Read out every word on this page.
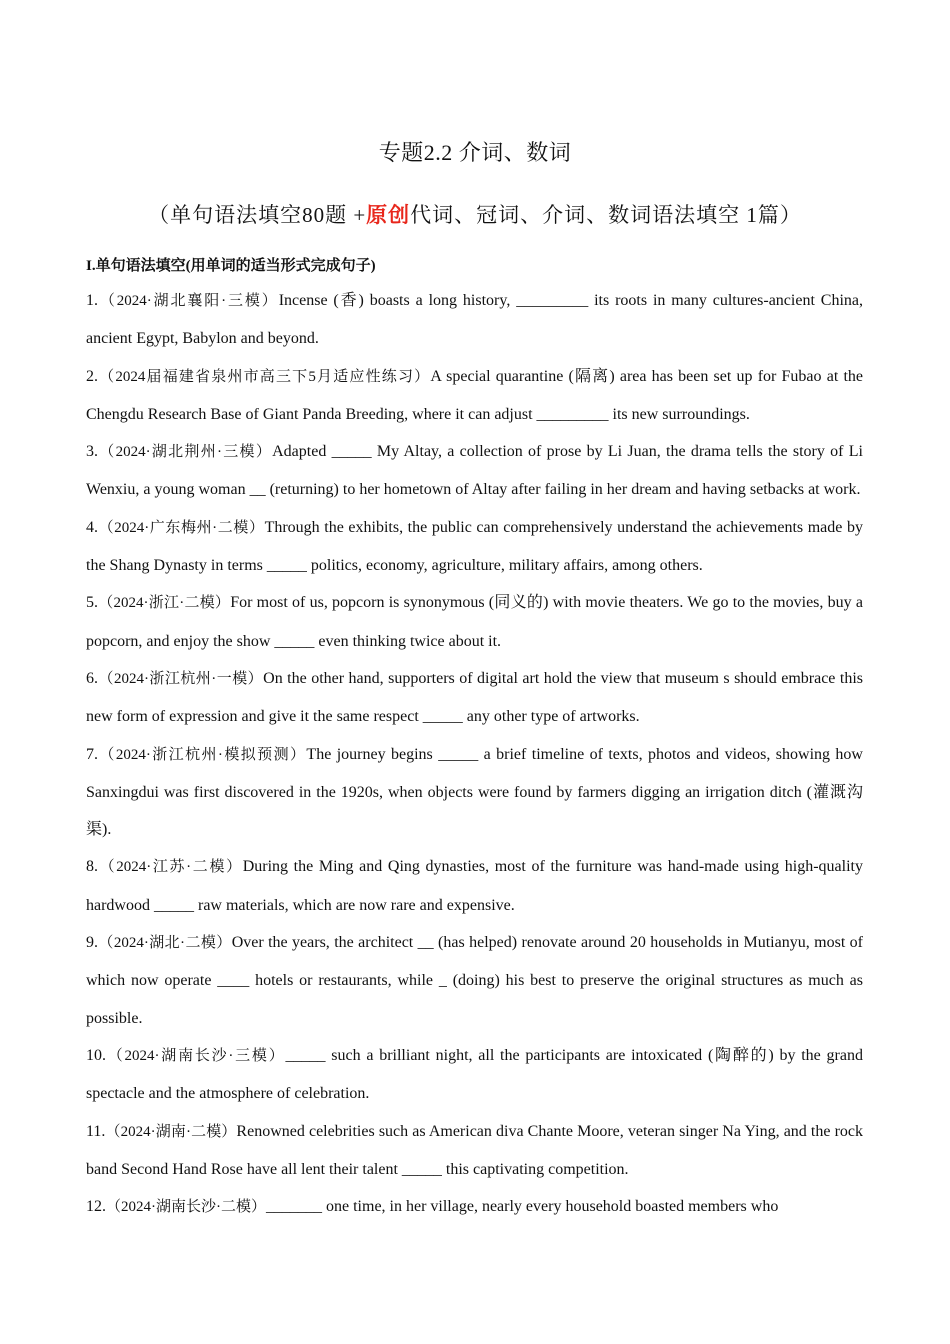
专题2.2 介词、数词
（单句语法填空80题 +原创代词、冠词、介词、数词语法填空 1篇）
I.单句语法填空(用单词的适当形式完成句子)

1.（2024·湖北襄阳·三模）Incense (香) boasts a long history, _________ its roots in many cultures-ancient China, ancient Egypt, Babylon and beyond.

2.（2024届福建省泉州市高三下5月适应性练习）A special quarantine (隔离) area has been set up for Fubao at the Chengdu Research Base of Giant Panda Breeding, where it can adjust _________ its new surroundings.

3.（2024·湖北荆州·三模）Adapted _____ My Altay, a collection of prose by Li Juan, the drama tells the story of Li Wenxiu, a young woman __ (returning) to her hometown of Altay after failing in her dream and having setbacks at work.

4.（2024·广东梅州·二模）Through the exhibits, the public can comprehensively understand the achievements made by the Shang Dynasty in terms _____ politics, economy, agriculture, military affairs, among others.

5.（2024·浙江·二模）For most of us, popcorn is synonymous (同义的) with movie theaters. We go to the movies, buy a popcorn, and enjoy the show _____ even thinking twice about it.

6.（2024·浙江杭州·一模）On the other hand, supporters of digital art hold the view that museum s should embrace this new form of expression and give it the same respect _____ any other type of artworks.

7.（2024·浙江杭州·模拟预测）The journey begins _____ a brief timeline of texts, photos and videos, showing how Sanxingdui was first discovered in the 1920s, when objects were found by farmers digging an irrigation ditch (灌溉沟渠).

8.（2024·江苏·二模）During the Ming and Qing dynasties, most of the furniture was hand-made using high-quality hardwood _____ raw materials, which are now rare and expensive.

9.（2024·湖北·二模）Over the years, the architect __ (has helped) renovate around 20 households in Mutianyu, most of which now operate ____ hotels or restaurants, while _ (doing) his best to preserve the original structures as much as possible.

10.（2024·湖南长沙·三模）_____ such a brilliant night, all the participants are intoxicated (陶醉的) by the grand spectacle and the atmosphere of celebration.

11.（2024·湖南·二模）Renowned celebrities such as American diva Chante Moore, veteran singer Na Ying, and the rock band Second Hand Rose have all lent their talent _____ this captivating competition.

12.（2024·湖南长沙·二模）_______ one time, in her village, nearly every household boasted members who
